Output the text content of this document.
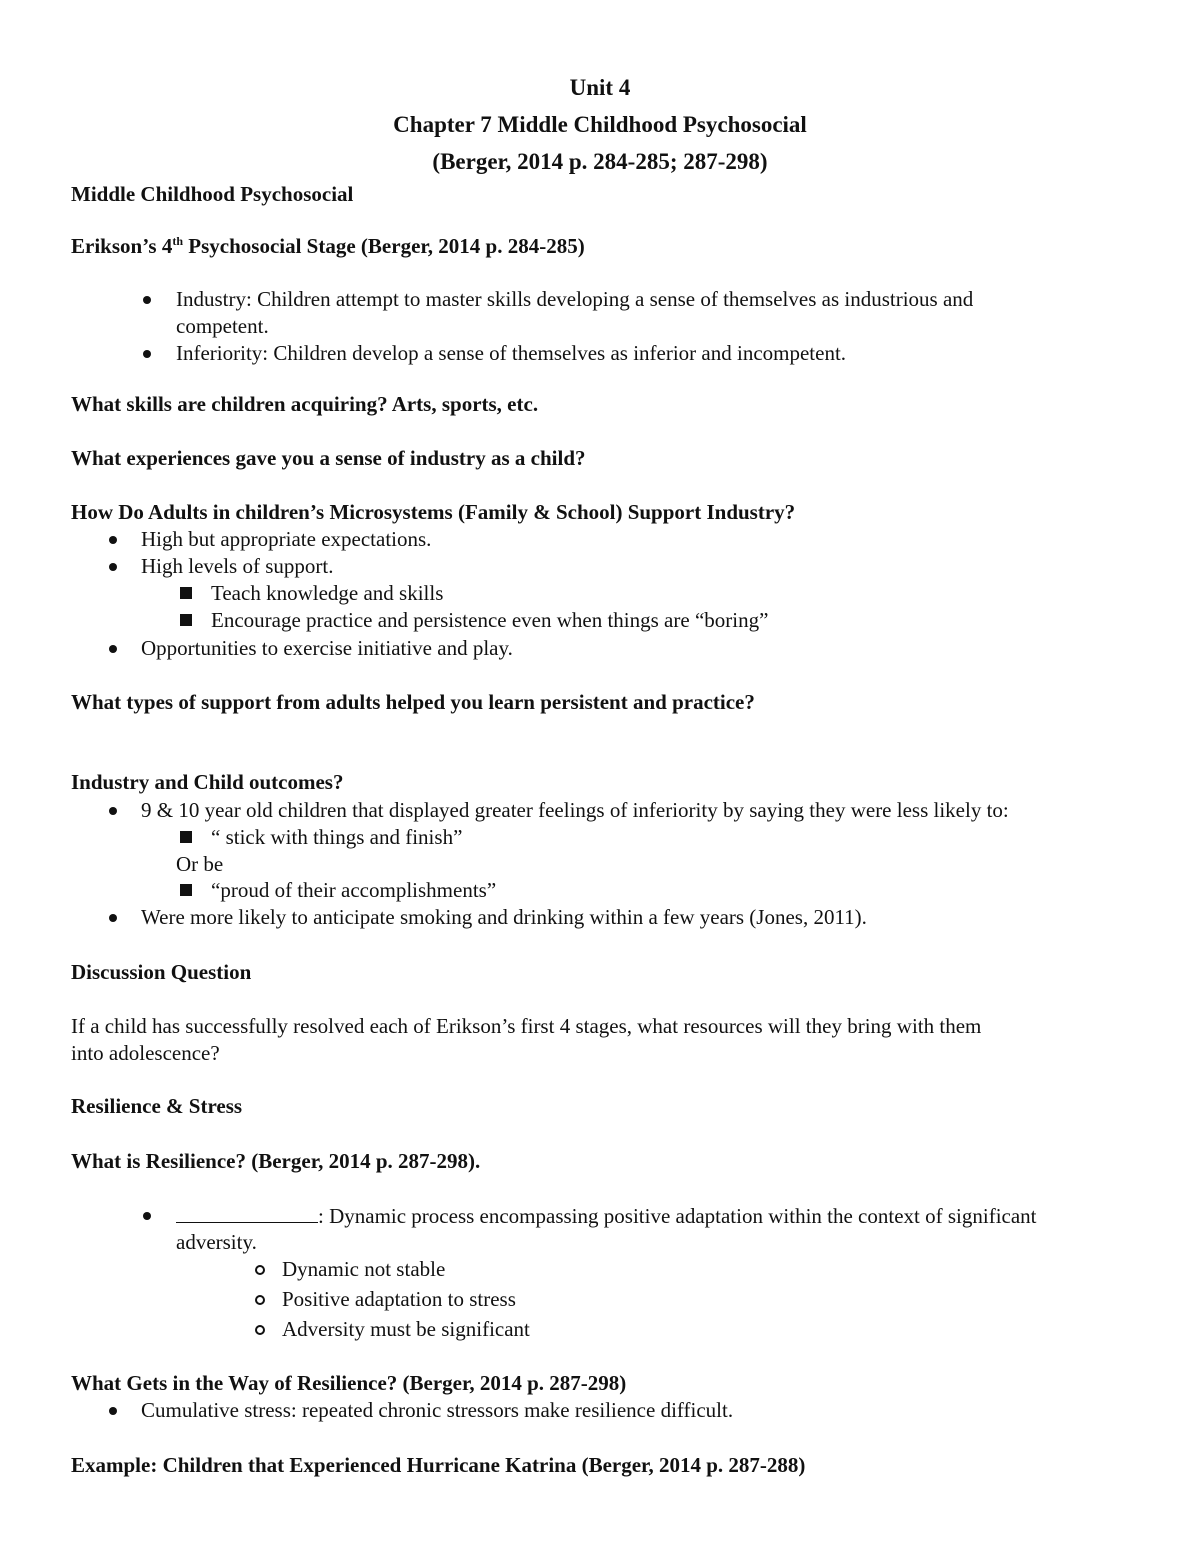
Unit 4
Chapter 7 Middle Childhood Psychosocial
(Berger, 2014 p. 284-285; 287-298)
Middle Childhood Psychosocial
Erikson’s 4th Psychosocial Stage (Berger, 2014 p. 284-285)
Industry: Children attempt to master skills developing a sense of themselves as industrious and
competent.
Inferiority: Children develop a sense of themselves as inferior and incompetent.
What skills are children acquiring? Arts, sports, etc.
What experiences gave you a sense of industry as a child?
How Do Adults in children’s Microsystems (Family & School) Support Industry?
High but appropriate expectations.
High levels of support.
Teach knowledge and skills
Encourage practice and persistence even when things are “boring”
Opportunities to exercise initiative and play.
What types of support from adults helped you learn persistent and practice?
Industry and Child outcomes?
9 & 10 year old children that displayed greater feelings of inferiority by saying they were less likely to:
“ stick with things and finish”
Or be
“proud of their accomplishments”
Were more likely to anticipate smoking and drinking within a few years (Jones, 2011).
Discussion Question
If a child has successfully resolved each of Erikson’s first 4 stages, what resources will they bring with them
into adolescence?
Resilience & Stress
What is Resilience? (Berger, 2014 p. 287-298).
: Dynamic process encompassing positive adaptation within the context of significant
adversity.
Dynamic not stable
Positive adaptation to stress
Adversity must be significant
What Gets in the Way of Resilience? (Berger, 2014 p. 287-298)
Cumulative stress: repeated chronic stressors make resilience difficult.
Example: Children that Experienced Hurricane Katrina (Berger, 2014 p. 287-288)
